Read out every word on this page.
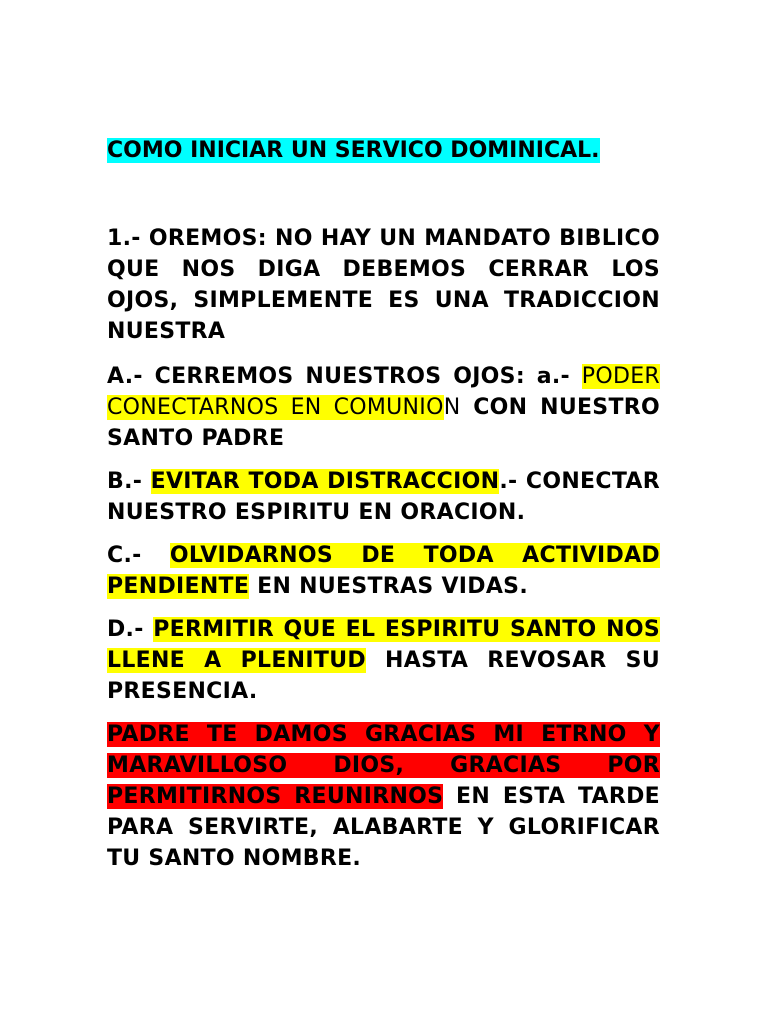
COMO INICIAR UN SERVICO DOMINICAL.

1.- OREMOS: NO HAY UN MANDATO BIBLICO QUE NOS DIGA DEBEMOS CERRAR LOS OJOS, SIMPLEMENTE ES UNA TRADICCION NUESTRA

A.- CERREMOS NUESTROS OJOS: a.- PODER CONECTARNOS EN COMUNION CON NUESTRO SANTO PADRE

B.- EVITAR TODA DISTRACCION.- CONECTAR NUESTRO ESPIRITU EN ORACION.

C.- OLVIDARNOS DE TODA ACTIVIDAD PENDIENTE EN NUESTRAS VIDAS.

D.- PERMITIR QUE EL ESPIRITU SANTO NOS LLENE A PLENITUD HASTA REVOSAR SU PRESENCIA.

PADRE TE DAMOS GRACIAS MI ETRNO Y MARAVILLOSO DIOS, GRACIAS POR PERMITIRNOS REUNIRNOS EN ESTA TARDE PARA SERVIRTE, ALABARTE Y GLORIFICAR TU SANTO NOMBRE.
